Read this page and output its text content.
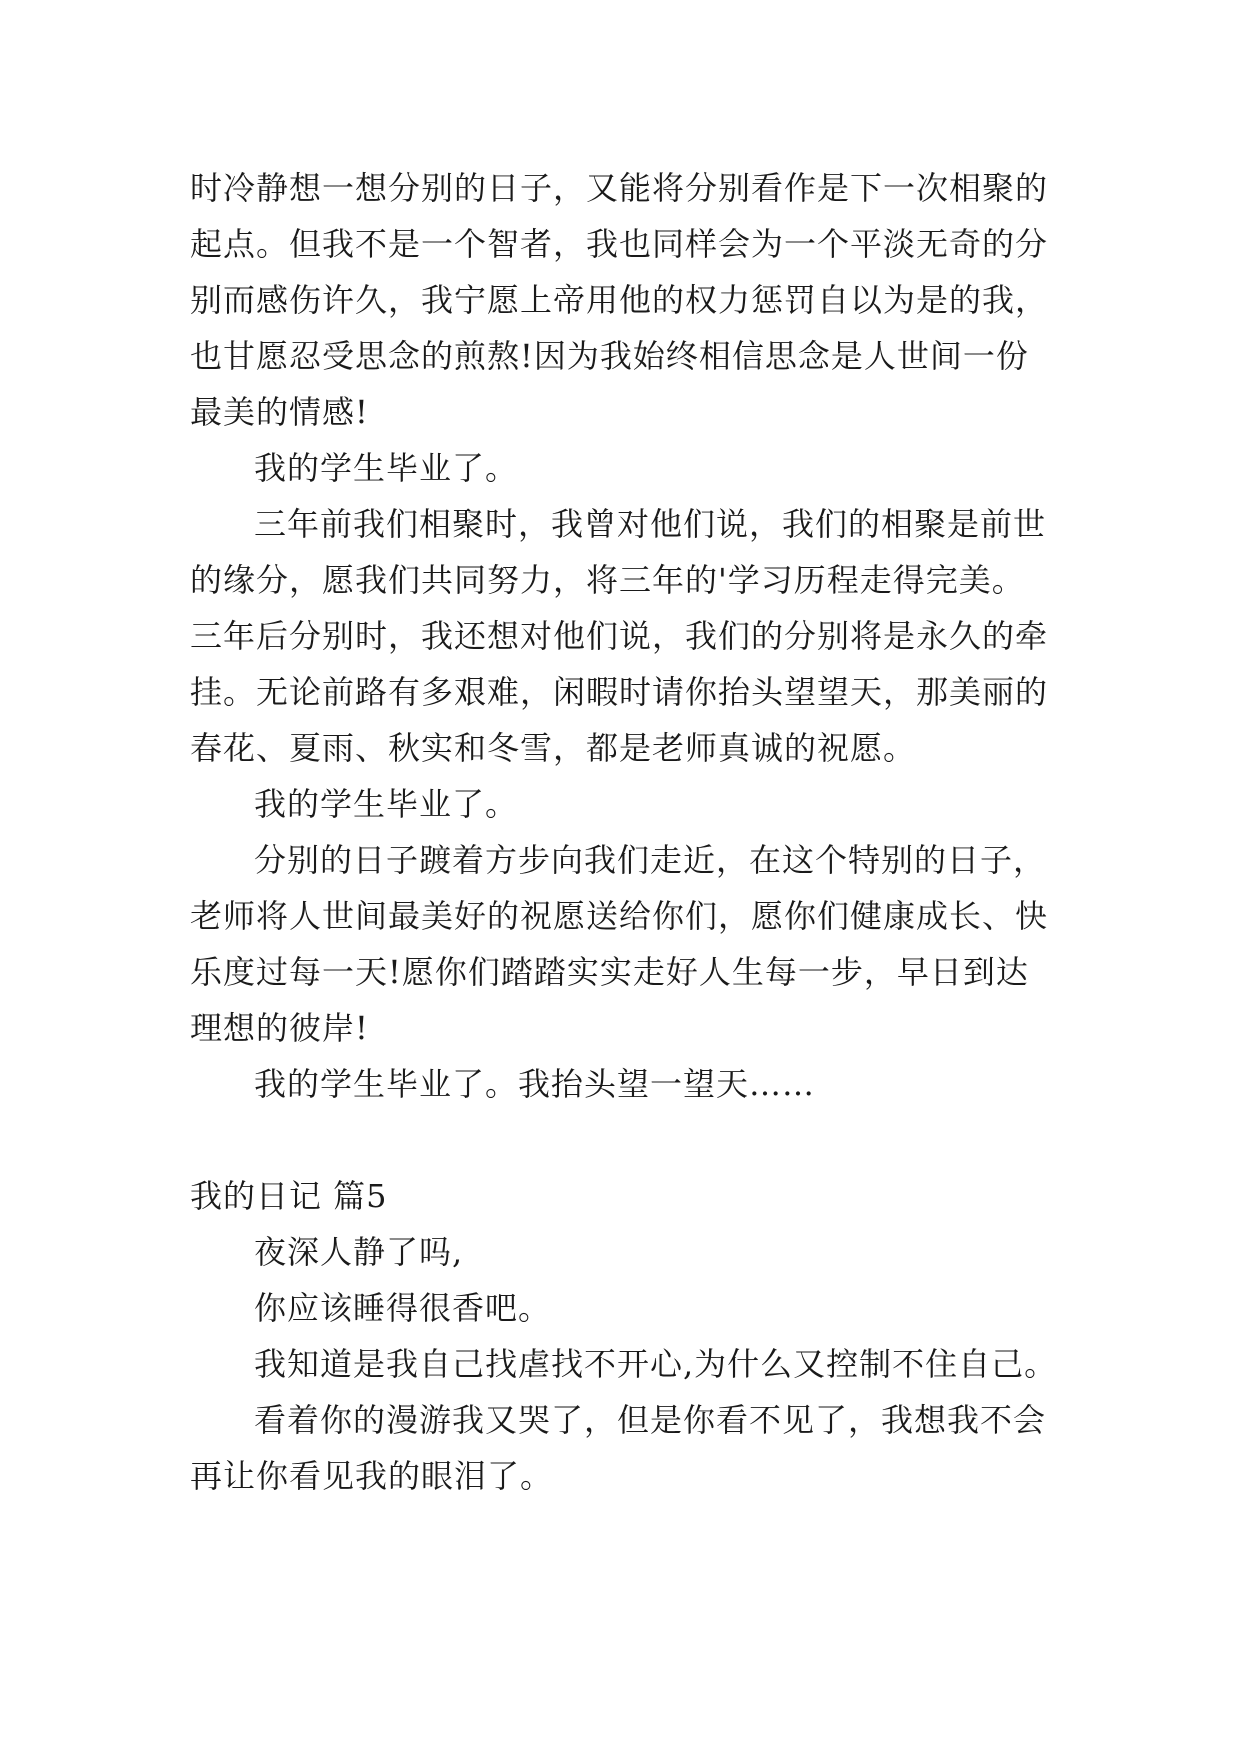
时冷静想一想分别的日子，又能将分别看作是下一次相聚的
起点。但我不是一个智者，我也同样会为一个平淡无奇的分
别而感伤许久，我宁愿上帝用他的权力惩罚自以为是的我，
也甘愿忍受思念的煎熬!因为我始终相信思念是人世间一份
最美的情感!
我的学生毕业了。
三年前我们相聚时，我曾对他们说，我们的相聚是前世
的缘分，愿我们共同努力，将三年的'学习历程走得完美。
三年后分别时，我还想对他们说，我们的分别将是永久的牵
挂。无论前路有多艰难，闲暇时请你抬头望望天，那美丽的
春花、夏雨、秋实和冬雪，都是老师真诚的祝愿。
我的学生毕业了。
分别的日子踱着方步向我们走近，在这个特别的日子，
老师将人世间最美好的祝愿送给你们，愿你们健康成长、快
乐度过每一天!愿你们踏踏实实走好人生每一步，早日到达
理想的彼岸!
我的学生毕业了。我抬头望一望天……
我的日记 篇5
夜深人静了吗,
你应该睡得很香吧。
我知道是我自己找虐找不开心,为什么又控制不住自己。
看着你的漫游我又哭了，但是你看不见了，我想我不会
再让你看见我的眼泪了。
